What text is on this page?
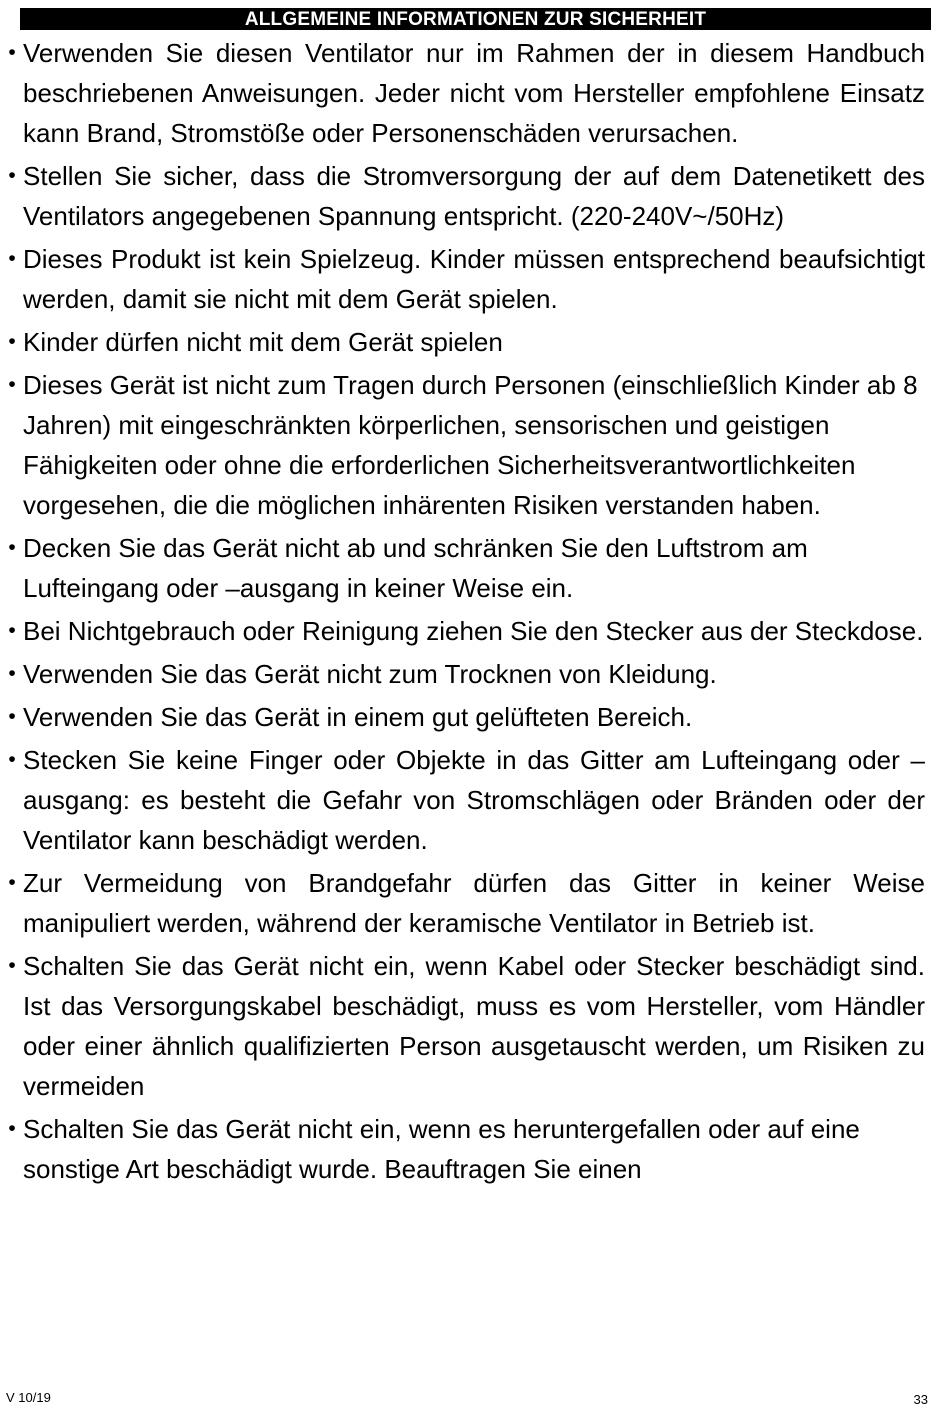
ALLGEMEINE INFORMATIONEN ZUR SICHERHEIT
• Verwenden Sie diesen Ventilator nur im Rahmen der in diesem Handbuch beschriebenen Anweisungen. Jeder nicht vom Hersteller empfohlene Einsatz kann Brand, Stromstöße oder Personenschäden verursachen.
• Stellen Sie sicher, dass die Stromversorgung der auf dem Datenetikett des Ventilators angegebenen Spannung entspricht. (220-240V~/50Hz)
• Dieses Produkt ist kein Spielzeug. Kinder müssen entsprechend beaufsichtigt werden, damit sie nicht mit dem Gerät spielen.
• Kinder dürfen nicht mit dem Gerät spielen
• Dieses Gerät ist nicht zum Tragen durch Personen (einschließlich Kinder ab 8 Jahren) mit eingeschränkten körperlichen, sensorischen und geistigen Fähigkeiten oder ohne die erforderlichen Sicherheitsverantwortlichkeiten vorgesehen, die die möglichen inhärenten Risiken verstanden haben.
• Decken Sie das Gerät nicht ab und schränken Sie den Luftstrom am Lufteingang oder –ausgang in keiner Weise ein.
• Bei Nichtgebrauch oder Reinigung ziehen Sie den Stecker aus der Steckdose.
• Verwenden Sie das Gerät nicht zum Trocknen von Kleidung.
• Verwenden Sie das Gerät in einem gut gelüfteten Bereich.
• Stecken Sie keine Finger oder Objekte in das Gitter am Lufteingang oder –ausgang: es besteht die Gefahr von Stromschlägen oder Bränden oder der Ventilator kann beschädigt werden.
• Zur Vermeidung von Brandgefahr dürfen das Gitter in keiner Weise manipuliert werden, während der keramische Ventilator in Betrieb ist.
• Schalten Sie das Gerät nicht ein, wenn Kabel oder Stecker beschädigt sind. Ist das Versorgungskabel beschädigt, muss es vom Hersteller, vom Händler oder einer ähnlich qualifizierten Person ausgetauscht werden, um Risiken zu vermeiden
• Schalten Sie das Gerät nicht ein, wenn es heruntergefallen oder auf eine sonstige Art beschädigt wurde. Beauftragen Sie einen
V 10/19	33
